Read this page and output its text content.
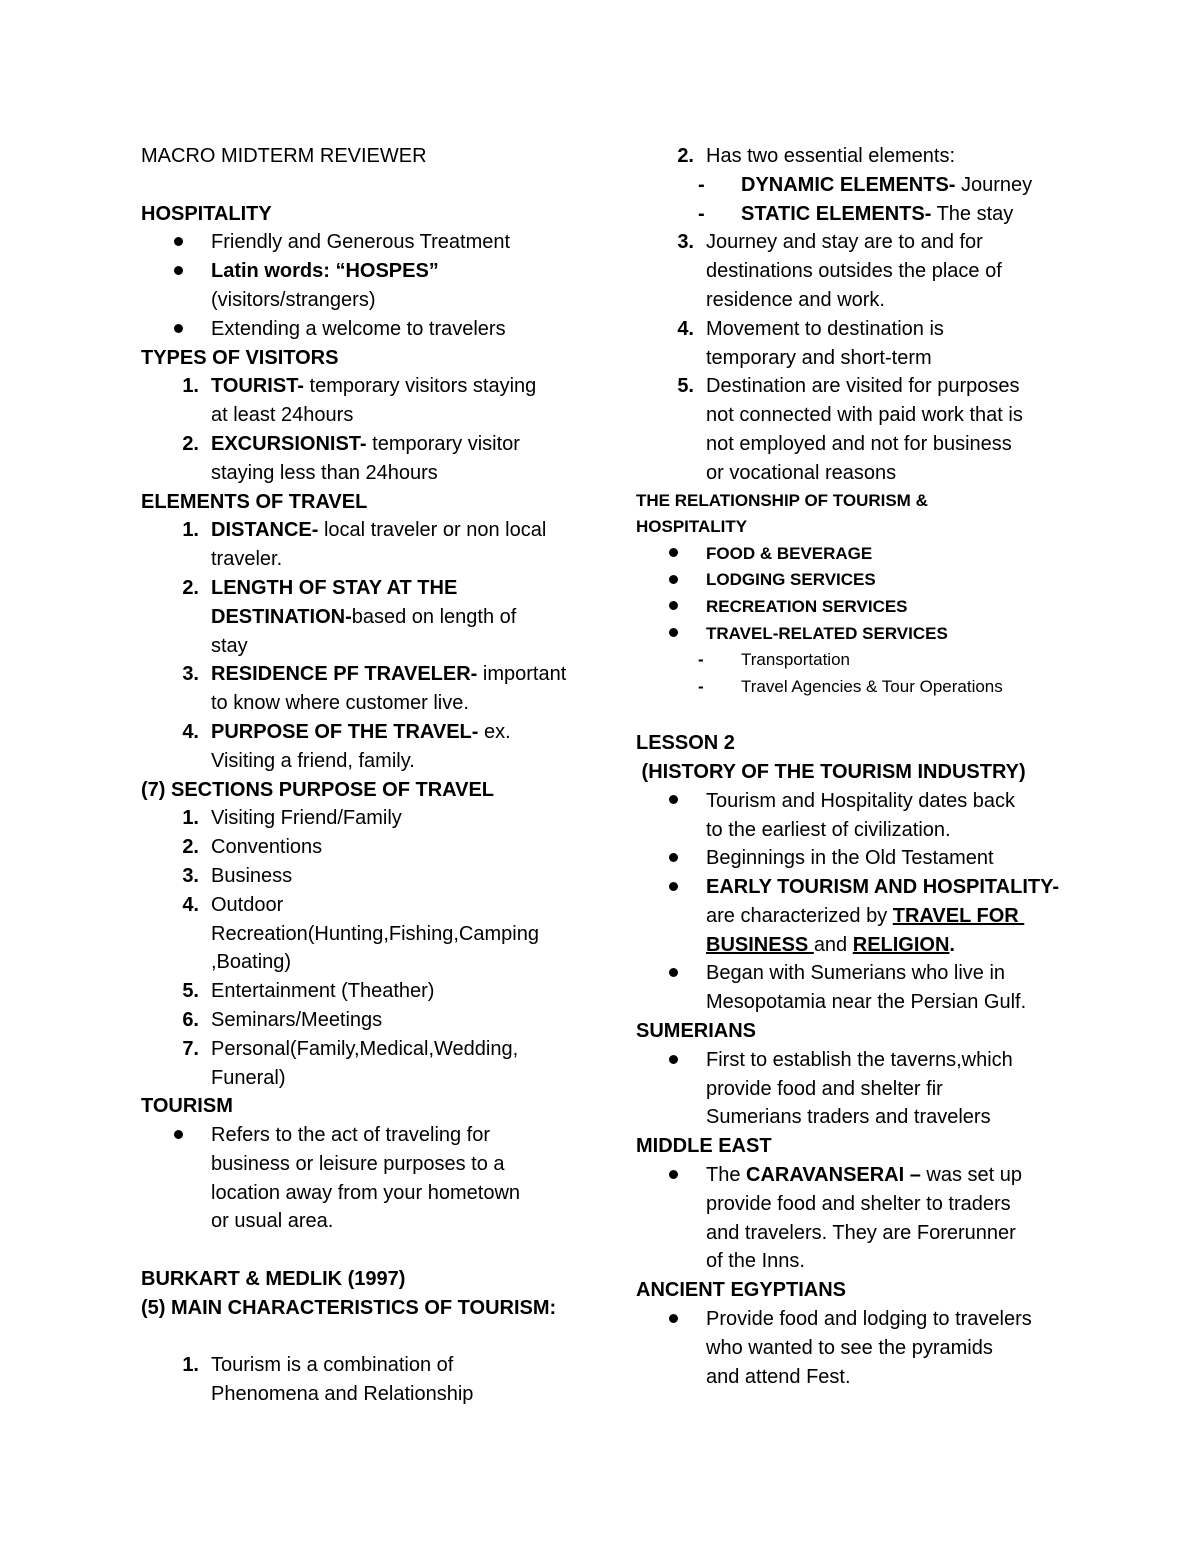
MACRO MIDTERM REVIEWER

HOSPITALITY

Friendly and Generous Treatment
Latin words: “HOSPES”
(visitors/strangers)
Extending a welcome to travelers

TYPES OF VISITORS

1. TOURIST- temporary visitors staying
at least 24hours
2. EXCURSIONIST- temporary visitor
staying less than 24hours

ELEMENTS OF TRAVEL

1. DISTANCE- local traveler or non local
traveler.
2. LENGTH OF STAY AT THE
DESTINATION-based on length of
stay
3. RESIDENCE PF TRAVELER- important
to know where customer live.
4. PURPOSE OF THE TRAVEL- ex.
Visiting a friend, family.

(7) SECTIONS PURPOSE OF TRAVEL

1. Visiting Friend/Family
2. Conventions
3. Business
4. Outdoor
Recreation(Hunting,Fishing,Camping
,Boating)
5. Entertainment (Theather)
6. Seminars/Meetings
7. Personal(Family,Medical,Wedding,
Funeral)

TOURISM

Refers to the act of traveling for
business or leisure purposes to a
location away from your hometown
or usual area.

BURKART & MEDLIK (1997)

(5) MAIN CHARACTERISTICS OF TOURISM:

1. Tourism is a combination of
Phenomena and Relationship
2. Has two essential elements:
- DYNAMIC ELEMENTS- Journey
- STATIC ELEMENTS- The stay
3. Journey and stay are to and for
destinations outsides the place of
residence and work.
4. Movement to destination is
temporary and short-term
5. Destination are visited for purposes
not connected with paid work that is
not employed and not for business
or vocational reasons

THE RELATIONSHIP OF TOURISM &

HOSPITALITY

FOOD & BEVERAGE
LODGING SERVICES
RECREATION SERVICES
TRAVEL-RELATED SERVICES
- Transportation
- Travel Agencies & Tour Operations

LESSON 2

(HISTORY OF THE TOURISM INDUSTRY)

Tourism and Hospitality dates back
to the earliest of civilization.
Beginnings in the Old Testament
EARLY TOURISM AND HOSPITALITY-
are characterized by TRAVEL FOR
BUSINESS and RELIGION.
Began with Sumerians who live in
Mesopotamia near the Persian Gulf.

SUMERIANS

First to establish the taverns,which
provide food and shelter fir
Sumerians traders and travelers

MIDDLE EAST

The CARAVANSERAI – was set up
provide food and shelter to traders
and travelers. They are Forerunner
of the Inns.

ANCIENT EGYPTIANS

Provide food and lodging to travelers
who wanted to see the pyramids
and attend Fest.
